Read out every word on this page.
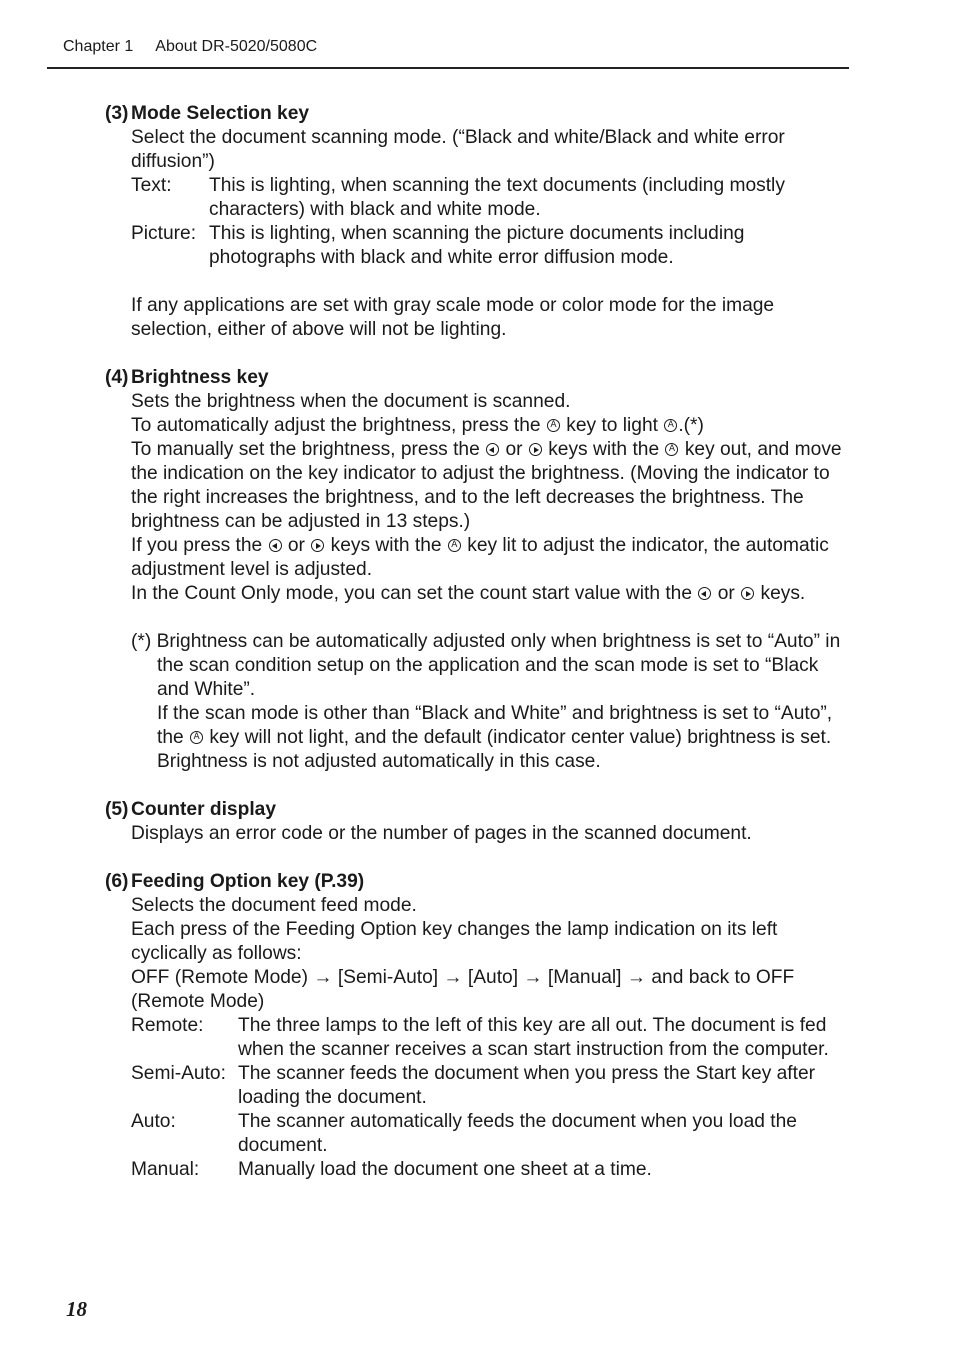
Chapter 1 About DR-5020/5080C
(3) Mode Selection key
Select the document scanning mode. (“Black and white/Black and white error diffusion”)
Text:	This is lighting, when scanning the text documents (including mostly characters) with black and white mode.
Picture: This is lighting, when scanning the picture documents including photographs with black and white error diffusion mode.
If any applications are set with gray scale mode or color mode for the image selection, either of above will not be lighting.
(4) Brightness key
Sets the brightness when the document is scanned.
To automatically adjust the brightness, press the A key to light A .(*)
To manually set the brightness, press the or keys with the A key out, and move the indication on the key indicator to adjust the brightness. (Moving the indicator to the right increases the brightness, and to the left decreases the brightness. The brightness can be adjusted in 13 steps.)
If you press the or keys with the A key lit to adjust the indicator, the automatic adjustment level is adjusted.
In the Count Only mode, you can set the count start value with the or keys.
(*) Brightness can be automatically adjusted only when brightness is set to “Auto” in the scan condition setup on the application and the scan mode is set to “Black and White”.
If the scan mode is other than “Black and White” and brightness is set to “Auto”, the A key will not light, and the default (indicator center value) brightness is set. Brightness is not adjusted automatically in this case.
(5) Counter display
Displays an error code or the number of pages in the scanned document.
(6) Feeding Option key (P.39)
Selects the document feed mode.
Each press of the Feeding Option key changes the lamp indication on its left cyclically as follows:
OFF (Remote Mode) → [Semi-Auto] → [Auto] → [Manual] → and back to OFF (Remote Mode)
Remote:	The three lamps to the left of this key are all out. The document is fed when the scanner receives a scan start instruction from the computer.
Semi-Auto: The scanner feeds the document when you press the Start key after loading the document.
Auto:	The scanner automatically feeds the document when you load the document.
Manual:	Manually load the document one sheet at a time.
18
